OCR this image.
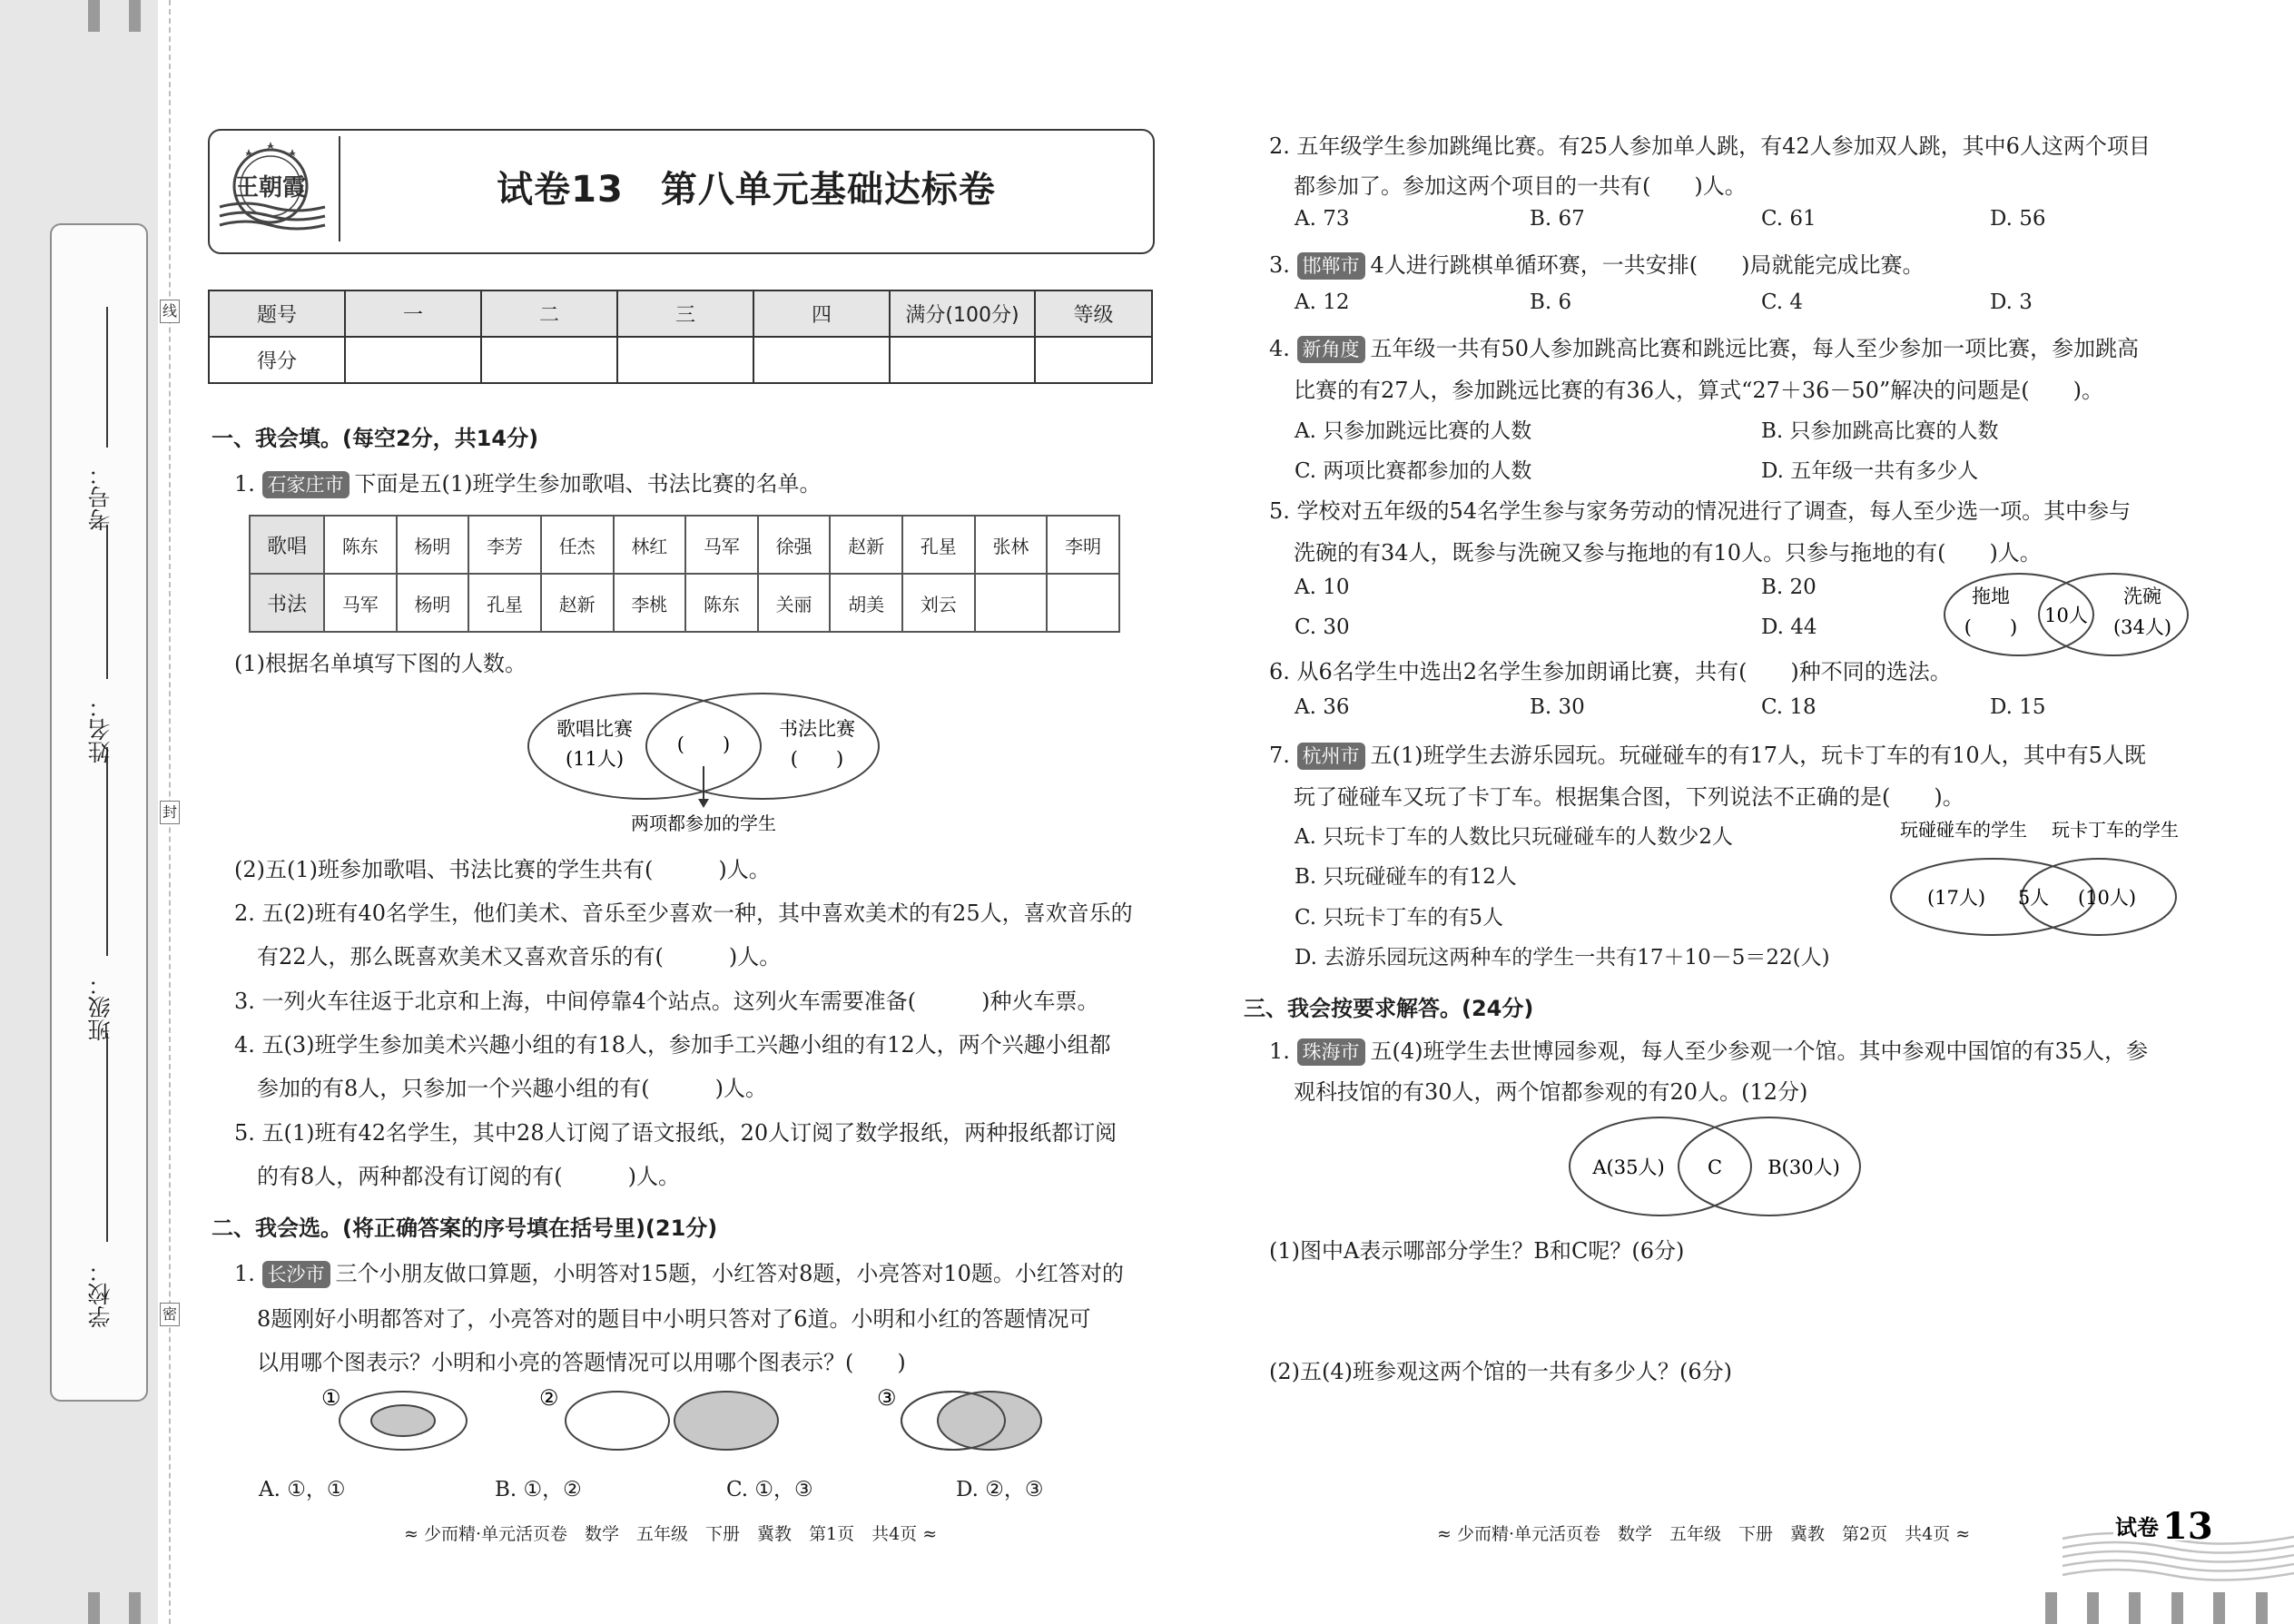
学校：
班级：
姓名：
考号：
线
封
密
王朝霞	试卷13　第八单元基础达标卷
题号	一	二	三	四	满分(100分)	等级
得分						
一、我会填。(每空2分，共14分)
1. 石家庄市 下面是五(1)班学生参加歌唱、书法比赛的名单。
歌唱	陈东	杨明	李芳	任杰	林红	马军	徐强	赵新	孔星	张林	李明
书法	马军	杨明	孔星	赵新	李桃	陈东	关丽	胡美	刘云		
(1)根据名单填写下图的人数。
歌唱比赛
(11人)
(　　)
书法比赛
(　　)
两项都参加的学生
(2)五(1)班参加歌唱、书法比赛的学生共有(　　　)人。
2. 五(2)班有40名学生，他们美术、音乐至少喜欢一种，其中喜欢美术的有25人，喜欢音乐的
有22人，那么既喜欢美术又喜欢音乐的有(　　　)人。
3. 一列火车往返于北京和上海，中间停靠4个站点。这列火车需要准备(　　　)种火车票。
4. 五(3)班学生参加美术兴趣小组的有18人，参加手工兴趣小组的有12人，两个兴趣小组都
参加的有8人，只参加一个兴趣小组的有(　　　)人。
5. 五(1)班有42名学生，其中28人订阅了语文报纸，20人订阅了数学报纸，两种报纸都订阅
的有8人，两种都没有订阅的有(　　　)人。
二、我会选。(将正确答案的序号填在括号里)(21分)
1. 长沙市 三个小朋友做口算题，小明答对15题，小红答对8题，小亮答对10题。小红答对的
8题刚好小明都答对了，小亮答对的题目中小明只答对了6道。小明和小红的答题情况可
以用哪个图表示？小明和小亮的答题情况可以用哪个图表示？(　　)
①	②	③
A. ①，①	B. ①，②	C. ①，③	D. ②，③
≈ 少而精·单元活页卷　数学　五年级　下册　冀教　第1页　共4页 ≈
2. 五年级学生参加跳绳比赛。有25人参加单人跳，有42人参加双人跳，其中6人这两个项目
都参加了。参加这两个项目的一共有(　　)人。
A. 73	B. 67	C. 61	D. 56
3. 邯郸市 4人进行跳棋单循环赛，一共安排(　　)局就能完成比赛。
A. 12	B. 6	C. 4	D. 3
4. 新角度 五年级一共有50人参加跳高比赛和跳远比赛，每人至少参加一项比赛，参加跳高
比赛的有27人，参加跳远比赛的有36人，算式“27＋36－50”解决的问题是(　　)。
A. 只参加跳远比赛的人数	B. 只参加跳高比赛的人数
C. 两项比赛都参加的人数	D. 五年级一共有多少人
5. 学校对五年级的54名学生参与家务劳动的情况进行了调查，每人至少选一项。其中参与
洗碗的有34人，既参与洗碗又参与拖地的有10人。只参与拖地的有(　　)人。
A. 10	B. 20
C. 30	D. 44
拖地
(　　)
10人
洗碗
(34人)
6. 从6名学生中选出2名学生参加朗诵比赛，共有(　　)种不同的选法。
A. 36	B. 30	C. 18	D. 15
7. 杭州市 五(1)班学生去游乐园玩。玩碰碰车的有17人，玩卡丁车的有10人，其中有5人既
玩了碰碰车又玩了卡丁车。根据集合图，下列说法不正确的是(　　)。
A. 只玩卡丁车的人数比只玩碰碰车的人数少2人
B. 只玩碰碰车的有12人
C. 只玩卡丁车的有5人
D. 去游乐园玩这两种车的学生一共有17＋10－5＝22(人)
玩碰碰车的学生 玩卡丁车的学生
(17人) 5人 (10人)
三、我会按要求解答。(24分)
1. 珠海市 五(4)班学生去世博园参观，每人至少参观一个馆。其中参观中国馆的有35人，参
观科技馆的有30人，两个馆都参观的有20人。(12分)
A(35人) C B(30人)
(1)图中A表示哪部分学生？B和C呢？(6分)
(2)五(4)班参观这两个馆的一共有多少人？(6分)
≈ 少而精·单元活页卷　数学　五年级　下册　冀教　第2页　共4页 ≈	试卷 13
